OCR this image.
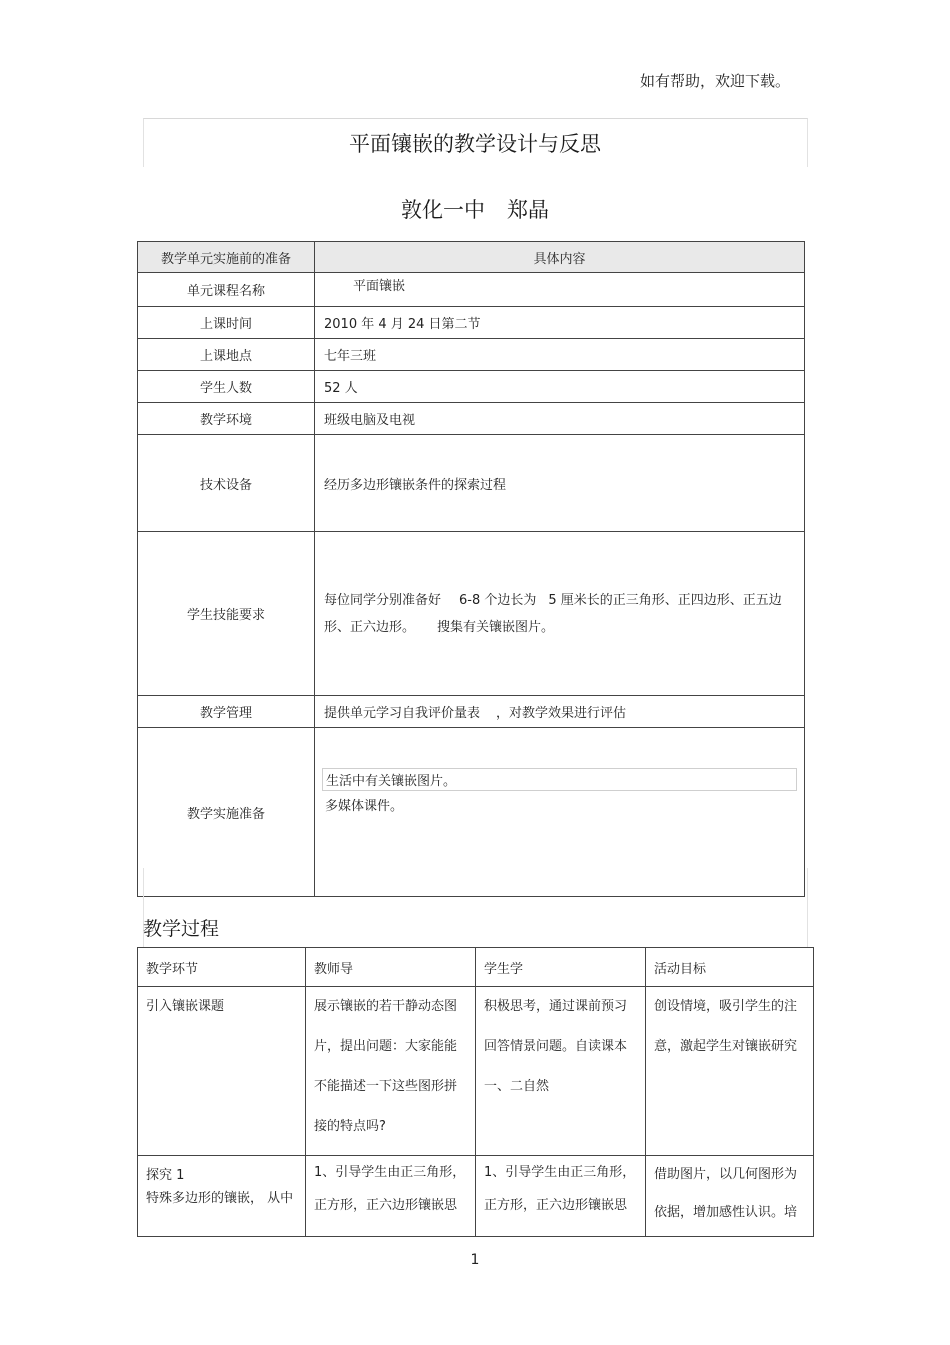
如有帮助，欢迎下载。
平面镶嵌的教学设计与反思
敦化一中 郑晶
教学单元实施前的准备	具体内容
单元课程名称	平面镶嵌
上课时间	2010 年 4 月 24 日第二节
上课地点	七年三班
学生人数	52 人
教学环境	班级电脑及电视
技术设备	经历多边形镶嵌条件的探索过程
学生技能要求	每位同学分别准备好 6-8 个边长为 5 厘米长的正三角形、正四边形、正五边形、正六边形。 搜集有关镶嵌图片。
教学管理	提供单元学习自我评价量表 ，对教学效果进行评估
教学实施准备	生活中有关镶嵌图片。
多媒体课件。
教学过程
教学环节	教师导	学生学	活动目标
引入镶嵌课题	展示镶嵌的若干静动态图片，提出问题：大家能能不能描述一下这些图形拼接的特点吗?	积极思考，通过课前预习回答情景问题。自读课本一、二自然	创设情境，吸引学生的注意，激起学生对镶嵌研究

探究 1
特殊多边形的镶嵌， 从中	1、引导学生由正三角形，正方形，正六边形镶嵌思	1、引导学生由正三角形，正方形，正六边形镶嵌思	借助图片，以几何图形为依据，增加感性认识。培
1
